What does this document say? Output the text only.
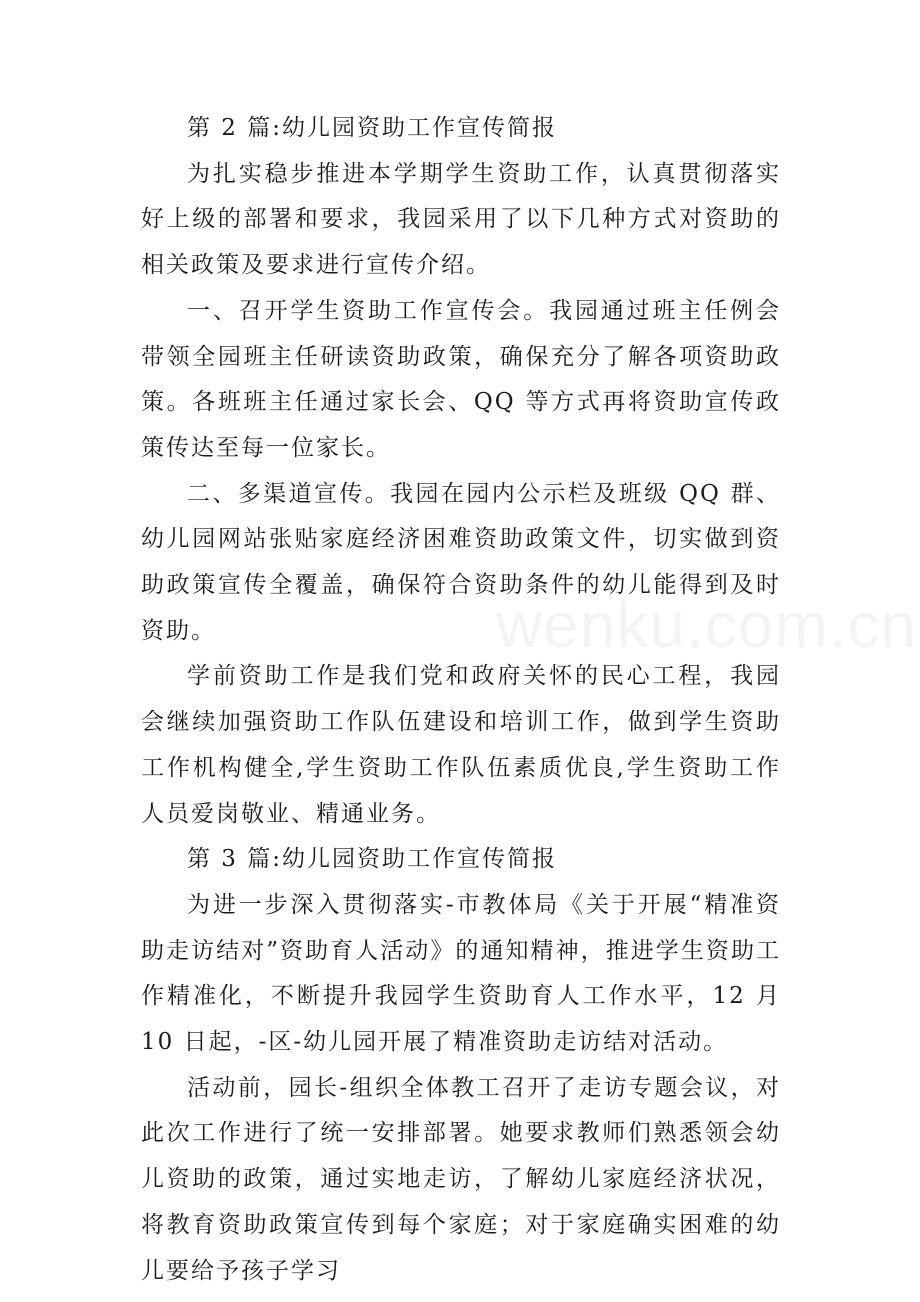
第 2 篇:幼儿园资助工作宣传简报

为扎实稳步推进本学期学生资助工作，认真贯彻落实好上级的部署和要求，我园采用了以下几种方式对资助的相关政策及要求进行宣传介绍。

一、召开学生资助工作宣传会。我园通过班主任例会带领全园班主任研读资助政策，确保充分了解各项资助政策。各班班主任通过家长会、QQ 等方式再将资助宣传政策传达至每一位家长。

二、多渠道宣传。我园在园内公示栏及班级 QQ 群、幼儿园网站张贴家庭经济困难资助政策文件，切实做到资助政策宣传全覆盖，确保符合资助条件的幼儿能得到及时资助。

学前资助工作是我们党和政府关怀的民心工程，我园会继续加强资助工作队伍建设和培训工作，做到学生资助工作机构健全,学生资助工作队伍素质优良,学生资助工作人员爱岗敬业、精通业务。

第 3 篇:幼儿园资助工作宣传简报

为进一步深入贯彻落实-市教体局《关于开展“精准资助走访结对”资助育人活动》的通知精神，推进学生资助工作精准化，不断提升我园学生资助育人工作水平，12 月 10 日起，-区-幼儿园开展了精准资助走访结对活动。

活动前，园长-组织全体教工召开了走访专题会议，对此次工作进行了统一安排部署。她要求教师们熟悉领会幼儿资助的政策，通过实地走访，了解幼儿家庭经济状况，将教育资助政策宣传到每个家庭；对于家庭确实困难的幼儿要给予孩子学习

wenku.com.cn
